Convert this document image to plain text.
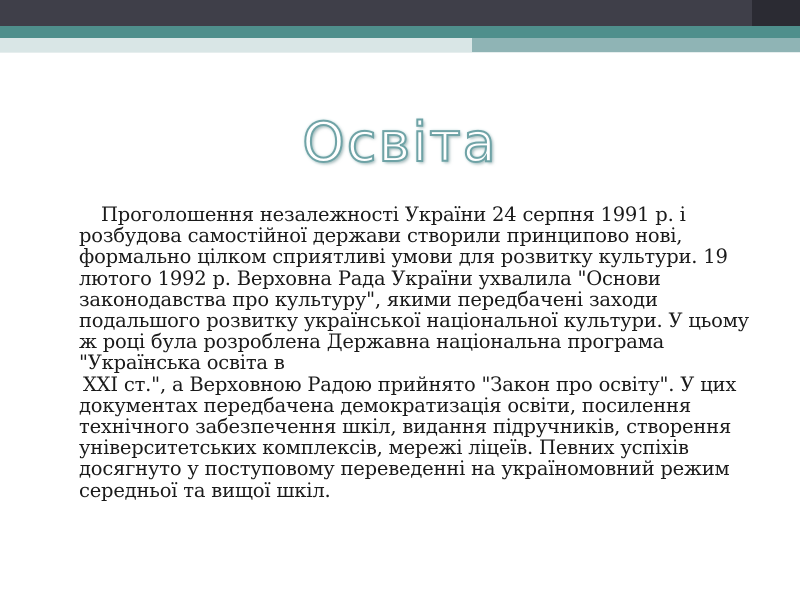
Освіта

Проголошення незалежності України 24 серпня 1991 р. і розбудова самостійної держави створили принципово нові, формально цілком сприятливі умови для розвитку культури. 19 лютого 1992 р. Верховна Рада України ухвалила "Основи законодавства про культуру", якими передбачені заходи подальшого розвитку української національної культури. У цьому ж році була розроблена Державна національна програма "Українська освіта в

XXI ст.", а Верховною Радою прийнято "Закон про освіту". У цих документах передбачена демократизація освіти, посилення технічного забезпечення шкіл, видання підручників, створення університетських комплексів, мережі ліцеїв. Певних успіхів досягнуто у поступовому переведенні на україномовний режим середньої та вищої шкіл.
